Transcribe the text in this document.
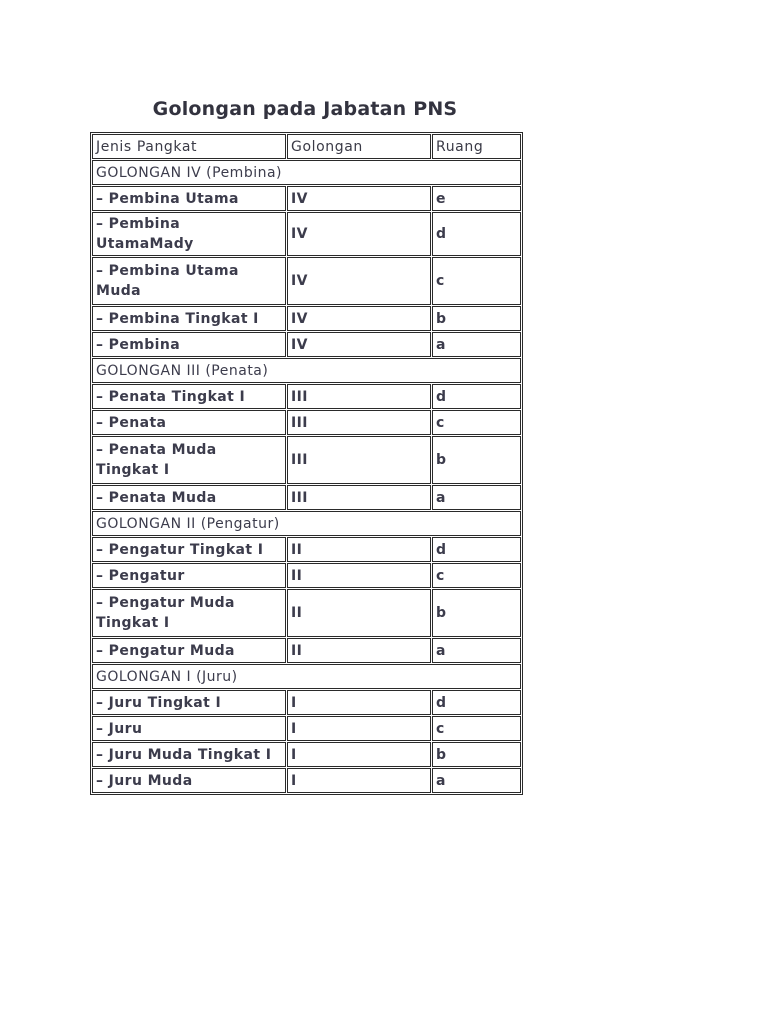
Golongan pada Jabatan PNS
Jenis Pangkat	Golongan	Ruang
GOLONGAN IV (Pembina)		
– Pembina Utama	IV	e
– Pembina UtamaMady	IV	d
– Pembina Utama Muda	IV	c
– Pembina Tingkat I	IV	b
– Pembina	IV	a
GOLONGAN III (Penata)		
– Penata Tingkat I	III	d
– Penata	III	c
– Penata Muda Tingkat I	III	b
– Penata Muda	III	a
GOLONGAN II (Pengatur)		
– Pengatur Tingkat I	II	d
– Pengatur	II	c
– Pengatur Muda Tingkat I	II	b
– Pengatur Muda	II	a
GOLONGAN I (Juru)		
– Juru Tingkat I	I	d
– Juru	I	c
– Juru Muda Tingkat I	I	b
– Juru Muda	I	a
